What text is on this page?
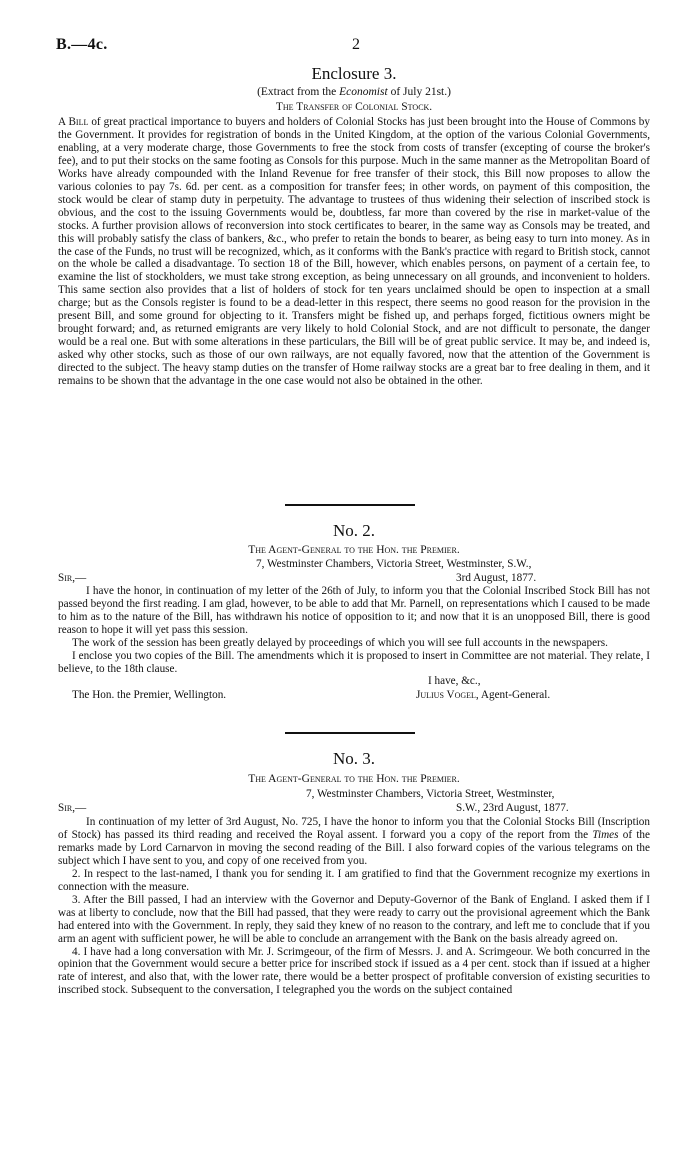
B.—4c.	2
Enclosure 3.
(Extract from the Economist of July 21st.)
The Transfer of Colonial Stock.

A Bill of great practical importance to buyers and holders of Colonial Stocks has just been brought into the House of Commons by the Government. It provides for registration of bonds in the United Kingdom, at the option of the various Colonial Governments, enabling, at a very moderate charge, those Governments to free the stock from costs of transfer (excepting of course the broker's fee), and to put their stocks on the same footing as Consols for this purpose. Much in the same manner as the Metropolitan Board of Works have already compounded with the Inland Revenue for free transfer of their stock, this Bill now proposes to allow the various colonies to pay 7s. 6d. per cent. as a composition for transfer fees; in other words, on payment of this composition, the stock would be clear of stamp duty in perpetuity. The advantage to trustees of thus widening their selection of inscribed stock is obvious, and the cost to the issuing Governments would be, doubtless, far more than covered by the rise in market-value of the stocks. A further provision allows of reconversion into stock certificates to bearer, in the same way as Consols may be treated, and this will probably satisfy the class of bankers, &c., who prefer to retain the bonds to bearer, as being easy to turn into money. As in the case of the Funds, no trust will be recognized, which, as it conforms with the Bank's practice with regard to British stock, cannot on the whole be called a disadvantage. To section 18 of the Bill, however, which enables persons, on payment of a certain fee, to examine the list of stockholders, we must take strong exception, as being unnecessary on all grounds, and inconvenient to holders. This same section also provides that a list of holders of stock for ten years unclaimed should be open to inspection at a small charge; but as the Consols register is found to be a dead-letter in this respect, there seems no good reason for the provision in the present Bill, and some ground for objecting to it. Transfers might be fished up, and perhaps forged, fictitious owners might be brought forward; and, as returned emigrants are very likely to hold Colonial Stock, and are not difficult to personate, the danger would be a real one. But with some alterations in these particulars, the Bill will be of great public service. It may be, and indeed is, asked why other stocks, such as those of our own railways, are not equally favored, now that the attention of the Government is directed to the subject. The heavy stamp duties on the transfer of Home railway stocks are a great bar to free dealing in them, and it remains to be shown that the advantage in the one case would not also be obtained in the other.

No. 2.
The Agent-General to the Hon. the Premier.
7, Westminster Chambers, Victoria Street, Westminster, S.W.,
Sir,—	3rd August, 1877.

I have the honor, in continuation of my letter of the 26th of July, to inform you that the Colonial Inscribed Stock Bill has not passed beyond the first reading. I am glad, however, to be able to add that Mr. Parnell, on representations which I caused to be made to him as to the nature of the Bill, has withdrawn his notice of opposition to it; and now that it is an unopposed Bill, there is good reason to hope it will yet pass this session.

The work of the session has been greatly delayed by proceedings of which you will see full accounts in the newspapers.

I enclose you two copies of the Bill. The amendments which it is proposed to insert in Committee are not material. They relate, I believe, to the 18th clause.

I have, &c.,
The Hon. the Premier, Wellington.	Julius Vogel, Agent-General.
No. 3.
The Agent-General to the Hon. the Premier.
7, Westminster Chambers, Victoria Street, Westminster,
Sir,—	S.W., 23rd August, 1877.

In continuation of my letter of 3rd August, No. 725, I have the honor to inform you that the Colonial Stocks Bill (Inscription of Stock) has passed its third reading and received the Royal assent. I forward you a copy of the report from the Times of the remarks made by Lord Carnarvon in moving the second reading of the Bill. I also forward copies of the various telegrams on the subject which I have sent to you, and copy of one received from you.

2. In respect to the last-named, I thank you for sending it. I am gratified to find that the Government recognize my exertions in connection with the measure.

3. After the Bill passed, I had an interview with the Governor and Deputy-Governor of the Bank of England. I asked them if I was at liberty to conclude, now that the Bill had passed, that they were ready to carry out the provisional agreement which the Bank had entered into with the Government. In reply, they said they knew of no reason to the contrary, and left me to conclude that if you arm an agent with sufficient power, he will be able to conclude an arrangement with the Bank on the basis already agreed on.

4. I have had a long conversation with Mr. J. Scrimgeour, of the firm of Messrs. J. and A. Scrimgeour. We both concurred in the opinion that the Government would secure a better price for inscribed stock if issued as a 4 per cent. stock than if issued at a higher rate of interest, and also that, with the lower rate, there would be a better prospect of profitable conversion of existing securities to inscribed stock. Subsequent to the conversation, I telegraphed you the words on the subject contained
